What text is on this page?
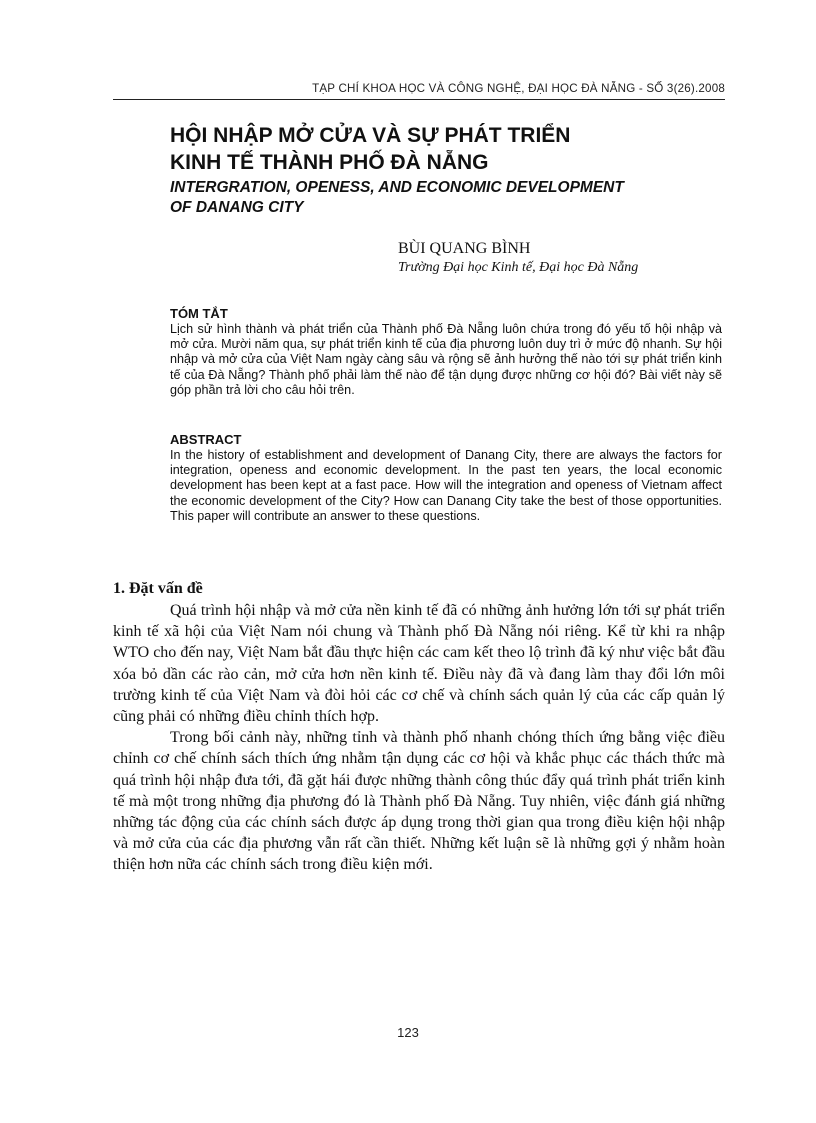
TẠP CHÍ KHOA HỌC VÀ CÔNG NGHỆ, ĐẠI HỌC ĐÀ NẴNG - SỐ 3(26).2008
HỘI NHẬP MỞ CỬA VÀ SỰ PHÁT TRIỂN
KINH TẾ THÀNH PHỐ ĐÀ NẴNG
INTERGRATION, OPENESS, AND ECONOMIC DEVELOPMENT
OF DANANG CITY
BÙI QUANG BÌNH
Trường Đại học Kinh tế, Đại học Đà Nẵng
TÓM TẮT
Lịch sử hình thành và phát triển của Thành phố Đà Nẵng luôn chứa trong đó yếu tố hội nhập và mở cửa. Mười năm qua, sự phát triển kinh tế của địa phương luôn duy trì ở mức độ nhanh. Sự hội nhập và mở cửa của Việt Nam ngày càng sâu và rộng sẽ ảnh hưởng thế nào tới sự phát triển kinh tế của Đà Nẵng? Thành phố phải làm thế nào để tận dụng được những cơ hội đó? Bài viết này sẽ góp phần trả lời cho câu hỏi trên.
ABSTRACT
In the history of establishment and development of Danang City, there are always the factors for integration, openess and economic development. In the past ten years, the local economic development has been kept at a fast pace. How will the integration and openess of Vietnam affect the economic development of the City? How can Danang City take the best of those opportunities. This paper will contribute an answer to these questions.
1. Đặt vấn đề

Quá trình hội nhập và mở cửa nền kinh tế đã có những ảnh hưởng lớn tới sự phát triển kinh tế xã hội của Việt Nam nói chung và Thành phố Đà Nẵng nói riêng. Kể từ khi ra nhập WTO cho đến nay, Việt Nam bắt đầu thực hiện các cam kết theo lộ trình đã ký như việc bắt đầu xóa bỏ dần các rào cản, mở cửa hơn nền kinh tế. Điều này đã và đang làm thay đổi lớn môi trường kinh tế của Việt Nam và đòi hỏi các cơ chế và chính sách quản lý của các cấp quản lý cũng phải có những điều chỉnh thích hợp.

Trong bối cảnh này, những tỉnh và thành phố nhanh chóng thích ứng bằng việc điều chỉnh cơ chế chính sách thích ứng nhằm tận dụng các cơ hội và khắc phục các thách thức mà quá trình hội nhập đưa tới, đã gặt hái được những thành công thúc đẩy quá trình phát triển kinh tế mà một trong những địa phương đó là Thành phố Đà Nẵng. Tuy nhiên, việc đánh giá những những tác động của các chính sách được áp dụng trong thời gian qua trong điều kiện hội nhập và mở cửa của các địa phương vẫn rất cần thiết. Những kết luận sẽ là những gợi ý nhằm hoàn thiện hơn nữa các chính sách trong điều kiện mới.

123
